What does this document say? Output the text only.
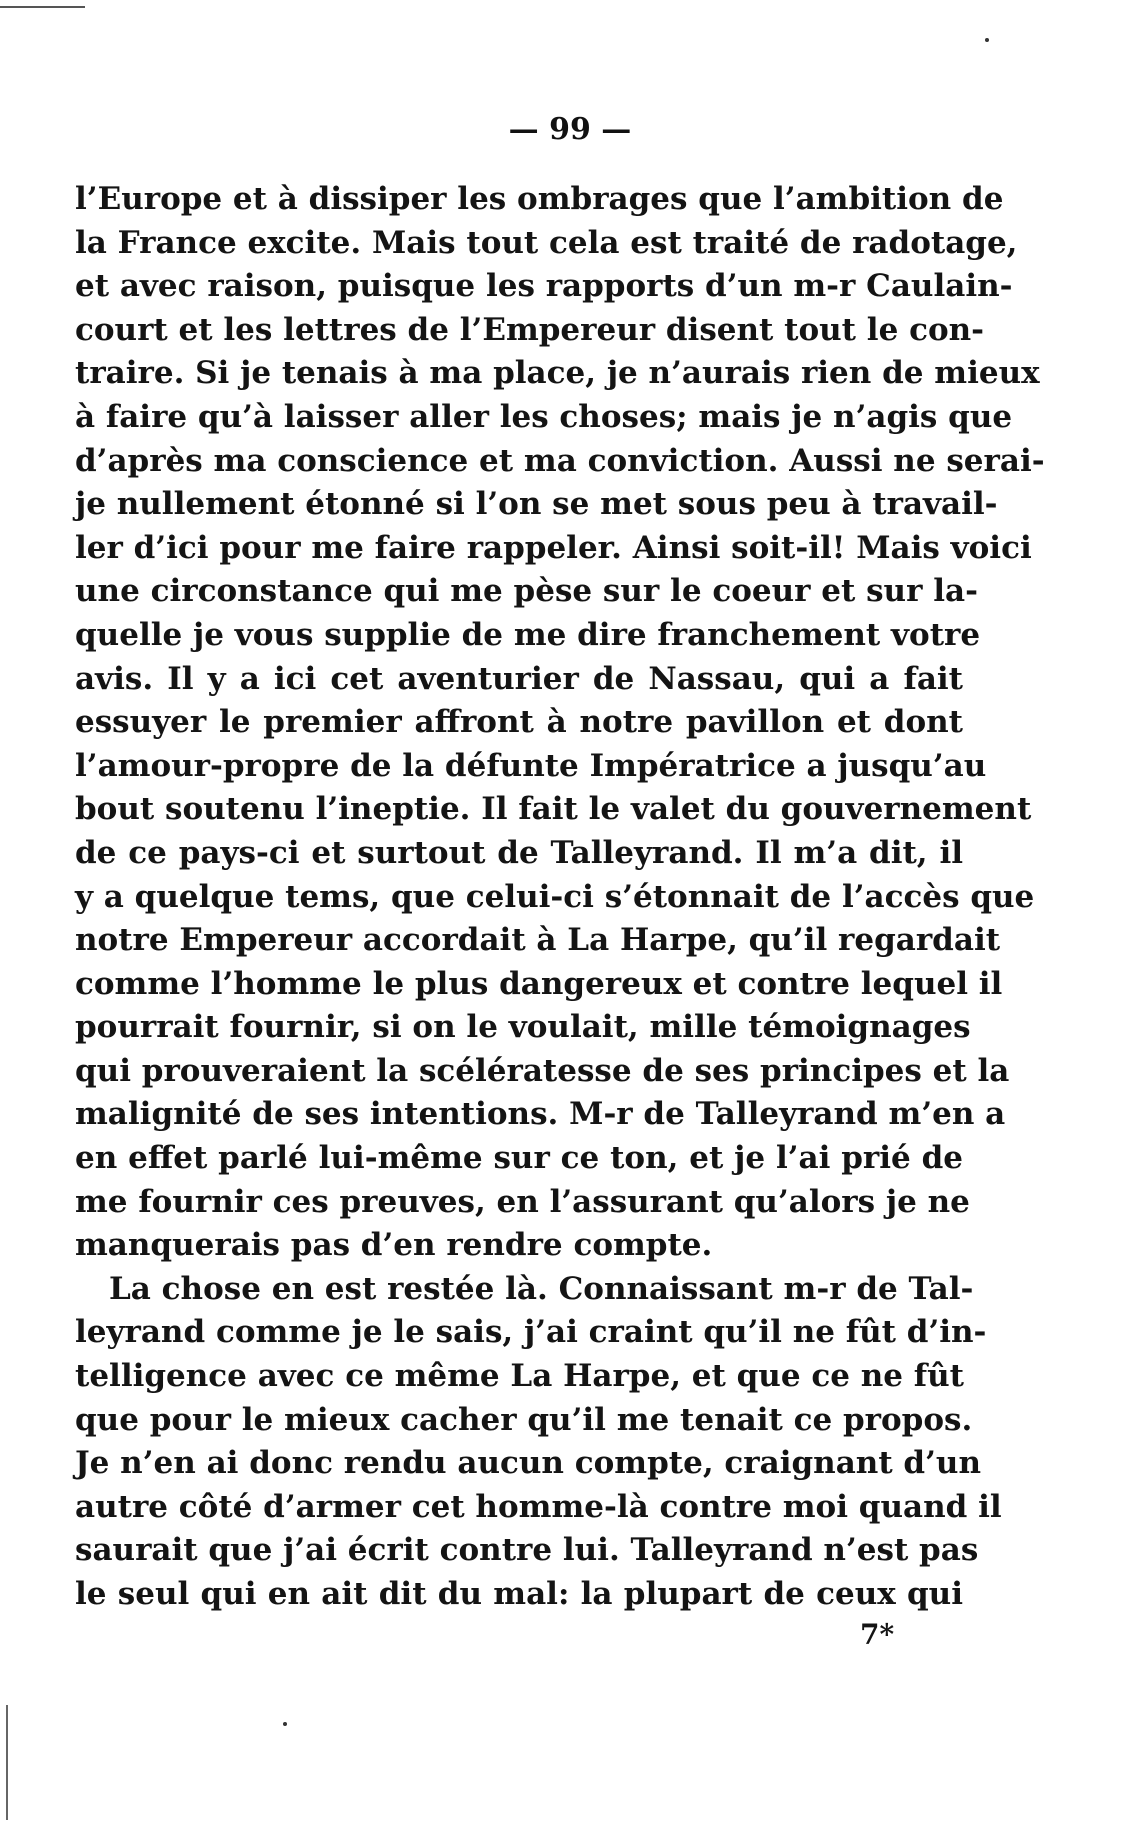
— 99 —
l’Europe et à dissiper les ombrages que l’ambition de
la France excite. Mais tout cela est traité de radotage,
et avec raison, puisque les rapports d’un m-r Caulain-
court et les lettres de l’Empereur disent tout le con-
traire. Si je tenais à ma place, je n’aurais rien de mieux
à faire qu’à laisser aller les choses; mais je n’agis que
d’après ma conscience et ma conviction. Aussi ne serai-
je nullement étonné si l’on se met sous peu à travail-
ler d’ici pour me faire rappeler. Ainsi soit-il! Mais voici
une circonstance qui me pèse sur le coeur et sur la-
quelle je vous supplie de me dire franchement votre
avis. Il y a ici cet aventurier de Nassau, qui a fait
essuyer le premier affront à notre pavillon et dont
l’amour-propre de la défunte Impératrice a jusqu’au
bout soutenu l’ineptie. Il fait le valet du gouvernement
de ce pays-ci et surtout de Talleyrand. Il m’a dit, il
y a quelque tems, que celui-ci s’étonnait de l’accès que
notre Empereur accordait à La Harpe, qu’il regardait
comme l’homme le plus dangereux et contre lequel il
pourrait fournir, si on le voulait, mille témoignages
qui prouveraient la scélératesse de ses principes et la
malignité de ses intentions. M-r de Talleyrand m’en a
en effet parlé lui-même sur ce ton, et je l’ai prié de
me fournir ces preuves, en l’assurant qu’alors je ne
manquerais pas d’en rendre compte.
La chose en est restée là. Connaissant m-r de Tal-
leyrand comme je le sais, j’ai craint qu’il ne fût d’in-
telligence avec ce même La Harpe, et que ce ne fût
que pour le mieux cacher qu’il me tenait ce propos.
Je n’en ai donc rendu aucun compte, craignant d’un
autre côté d’armer cet homme-là contre moi quand il
saurait que j’ai écrit contre lui. Talleyrand n’est pas
le seul qui en ait dit du mal: la plupart de ceux qui
7*
